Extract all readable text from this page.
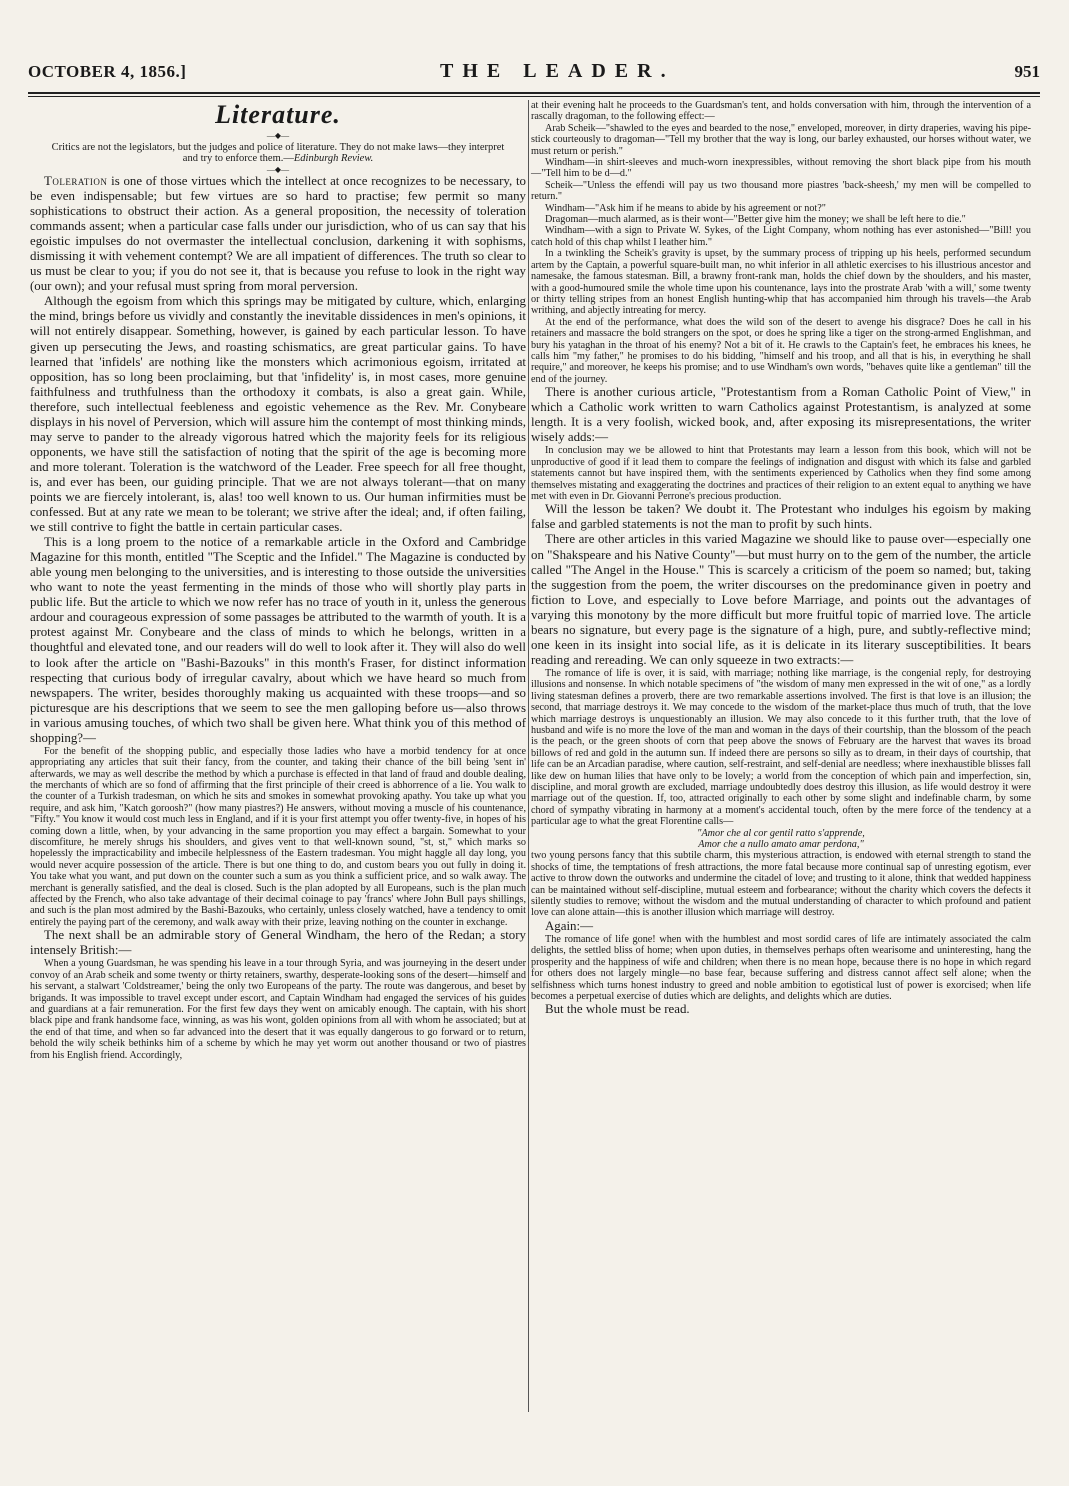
OCTOBER 4, 1856.]	THE LEADER.	951
Literature.
—◆—
Critics are not the legislators, but the judges and police of literature. They do not make laws—they interpret and try to enforce them.—Edinburgh Review.
—◆—

Toleration is one of those virtues which the intellect at once recognizes to be necessary, to be even indispensable; but few virtues are so hard to practise; few permit so many sophistications to obstruct their action. As a general proposition, the necessity of toleration commands assent; when a particular case falls under our jurisdiction, who of us can say that his egoistic impulses do not overmaster the intellectual conclusion, darkening it with sophisms, dismissing it with vehement contempt? We are all impatient of differences. The truth so clear to us must be clear to you; if you do not see it, that is because you refuse to look in the right way (our own); and your refusal must spring from moral perversion.

Although the egoism from which this springs may be mitigated by culture, which, enlarging the mind, brings before us vividly and constantly the inevitable dissidences in men's opinions, it will not entirely disappear. Something, however, is gained by each particular lesson. To have given up persecuting the Jews, and roasting schismatics, are great particular gains. To have learned that 'infidels' are nothing like the monsters which acrimonious egoism, irritated at opposition, has so long been proclaiming, but that 'infidelity' is, in most cases, more genuine faithfulness and truthfulness than the orthodoxy it combats, is also a great gain. While, therefore, such intellectual feebleness and egoistic vehemence as the Rev. Mr. Conybeare displays in his novel of Perversion, which will assure him the contempt of most thinking minds, may serve to pander to the already vigorous hatred which the majority feels for its religious opponents, we have still the satisfaction of noting that the spirit of the age is becoming more and more tolerant. Toleration is the watchword of the Leader. Free speech for all free thought, is, and ever has been, our guiding principle. That we are not always tolerant—that on many points we are fiercely intolerant, is, alas! too well known to us. Our human infirmities must be confessed. But at any rate we mean to be tolerant; we strive after the ideal; and, if often failing, we still contrive to fight the battle in certain particular cases.

This is a long proem to the notice of a remarkable article in the Oxford and Cambridge Magazine for this month, entitled "The Sceptic and the Infidel." The Magazine is conducted by able young men belonging to the universities, and is interesting to those outside the universities who want to note the yeast fermenting in the minds of those who will shortly play parts in public life. But the article to which we now refer has no trace of youth in it, unless the generous ardour and courageous expression of some passages be attributed to the warmth of youth. It is a protest against Mr. Conybeare and the class of minds to which he belongs, written in a thoughtful and elevated tone, and our readers will do well to look after it. They will also do well to look after the article on "Bashi-Bazouks" in this month's Fraser, for distinct information respecting that curious body of irregular cavalry, about which we have heard so much from newspapers. The writer, besides thoroughly making us acquainted with these troops—and so picturesque are his descriptions that we seem to see the men galloping before us—also throws in various amusing touches, of which two shall be given here. What think you of this method of shopping?—

For the benefit of the shopping public, and especially those ladies who have a morbid tendency for at once appropriating any articles that suit their fancy, from the counter, and taking their chance of the bill being 'sent in' afterwards, we may as well describe the method by which a purchase is effected in that land of fraud and double dealing, the merchants of which are so fond of affirming that the first principle of their creed is abhorrence of a lie. You walk to the counter of a Turkish tradesman, on which he sits and smokes in somewhat provoking apathy. You take up what you require, and ask him, "Katch goroosh?" (how many piastres?) He answers, without moving a muscle of his countenance, "Fifty." You know it would cost much less in England, and if it is your first attempt you offer twenty-five, in hopes of his coming down a little, when, by your advancing in the same proportion you may effect a bargain. Somewhat to your discomfiture, he merely shrugs his shoulders, and gives vent to that well-known sound, "st, st," which marks so hopelessly the impracticability and imbecile helplessness of the Eastern tradesman. You might haggle all day long, you would never acquire possession of the article. There is but one thing to do, and custom bears you out fully in doing it. You take what you want, and put down on the counter such a sum as you think a sufficient price, and so walk away. The merchant is generally satisfied, and the deal is closed. Such is the plan adopted by all Europeans, such is the plan much affected by the French, who also take advantage of their decimal coinage to pay 'francs' where John Bull pays shillings, and such is the plan most admired by the Bashi-Bazouks, who certainly, unless closely watched, have a tendency to omit entirely the paying part of the ceremony, and walk away with their prize, leaving nothing on the counter in exchange.

The next shall be an admirable story of General Windham, the hero of the Redan; a story intensely British:—

When a young Guardsman, he was spending his leave in a tour through Syria, and was journeying in the desert under convoy of an Arab scheik and some twenty or thirty retainers, swarthy, desperate-looking sons of the desert—himself and his servant, a stalwart 'Coldstreamer,' being the only two Europeans of the party. The route was dangerous, and beset by brigands. It was impossible to travel except under escort, and Captain Windham had engaged the services of his guides and guardians at a fair remuneration. For the first few days they went on amicably enough. The captain, with his short black pipe and frank handsome face, winning, as was his wont, golden opinions from all with whom he associated; but at the end of that time, and when so far advanced into the desert that it was equally dangerous to go forward or to return, behold the wily scheik bethinks him of a scheme by which he may yet worm out another thousand or two of piastres from his English friend. Accordingly,

at their evening halt he proceeds to the Guardsman's tent, and holds conversation with him, through the intervention of a rascally dragoman, to the following effect:—

Arab Scheik—"shawled to the eyes and bearded to the nose," enveloped, moreover, in dirty draperies, waving his pipe-stick courteously to dragoman—"Tell my brother that the way is long, our barley exhausted, our horses without water, we must return or perish."

Windham—in shirt-sleeves and much-worn inexpressibles, without removing the short black pipe from his mouth—"Tell him to be d—d."

Scheik—"Unless the effendi will pay us two thousand more piastres 'back-sheesh,' my men will be compelled to return."

Windham—"Ask him if he means to abide by his agreement or not?"

Dragoman—much alarmed, as is their wont—"Better give him the money; we shall be left here to die."

Windham—with a sign to Private W. Sykes, of the Light Company, whom nothing has ever astonished—"Bill! you catch hold of this chap whilst I leather him."

In a twinkling the Scheik's gravity is upset, by the summary process of tripping up his heels, performed secundum artem by the Captain, a powerful square-built man, no whit inferior in all athletic exercises to his illustrious ancestor and namesake, the famous statesman. Bill, a brawny front-rank man, holds the chief down by the shoulders, and his master, with a good-humoured smile the whole time upon his countenance, lays into the prostrate Arab 'with a will,' some twenty or thirty telling stripes from an honest English hunting-whip that has accompanied him through his travels—the Arab writhing, and abjectly intreating for mercy.

At the end of the performance, what does the wild son of the desert to avenge his disgrace? Does he call in his retainers and massacre the bold strangers on the spot, or does he spring like a tiger on the strong-armed Englishman, and bury his yataghan in the throat of his enemy? Not a bit of it. He crawls to the Captain's feet, he embraces his knees, he calls him "my father," he promises to do his bidding, "himself and his troop, and all that is his, in everything he shall require," and moreover, he keeps his promise; and to use Windham's own words, "behaves quite like a gentleman" till the end of the journey.

There is another curious article, "Protestantism from a Roman Catholic Point of View," in which a Catholic work written to warn Catholics against Protestantism, is analyzed at some length. It is a very foolish, wicked book, and, after exposing its misrepresentations, the writer wisely adds:—

In conclusion may we be allowed to hint that Protestants may learn a lesson from this book, which will not be unproductive of good if it lead them to compare the feelings of indignation and disgust with which its false and garbled statements cannot but have inspired them, with the sentiments experienced by Catholics when they find some among themselves mistating and exaggerating the doctrines and practices of their religion to an extent equal to anything we have met with even in Dr. Giovanni Perrone's precious production.

Will the lesson be taken? We doubt it. The Protestant who indulges his egoism by making false and garbled statements is not the man to profit by such hints.

There are other articles in this varied Magazine we should like to pause over—especially one on "Shakspeare and his Native County"—but must hurry on to the gem of the number, the article called "The Angel in the House." This is scarcely a criticism of the poem so named; but, taking the suggestion from the poem, the writer discourses on the predominance given in poetry and fiction to Love, and especially to Love before Marriage, and points out the advantages of varying this monotony by the more difficult but more fruitful topic of married love. The article bears no signature, but every page is the signature of a high, pure, and subtly-reflective mind; one keen in its insight into social life, as it is delicate in its literary susceptibilities. It bears reading and rereading. We can only squeeze in two extracts:—

The romance of life is over, it is said, with marriage; nothing like marriage, is the congenial reply, for destroying illusions and nonsense. In which notable specimens of "the wisdom of many men expressed in the wit of one," as a lordly living statesman defines a proverb, there are two remarkable assertions involved. The first is that love is an illusion; the second, that marriage destroys it. We may concede to the wisdom of the market-place thus much of truth, that the love which marriage destroys is unquestionably an illusion. We may also concede to it this further truth, that the love of husband and wife is no more the love of the man and woman in the days of their courtship, than the blossom of the peach is the peach, or the green shoots of corn that peep above the snows of February are the harvest that waves its broad billows of red and gold in the autumn sun. If indeed there are persons so silly as to dream, in their days of courtship, that life can be an Arcadian paradise, where caution, self-restraint, and self-denial are needless; where inexhaustible blisses fall like dew on human lilies that have only to be lovely; a world from the conception of which pain and imperfection, sin, discipline, and moral growth are excluded, marriage undoubtedly does destroy this illusion, as life would destroy it were marriage out of the question. If, too, attracted originally to each other by some slight and indefinable charm, by some chord of sympathy vibrating in harmony at a moment's accidental touch, often by the mere force of the tendency at a particular age to what the great Florentine calls—

"Amor che al cor gentil ratto s'apprende,
Amor che a nullo amato amar perdona,"

two young persons fancy that this subtile charm, this mysterious attraction, is endowed with eternal strength to stand the shocks of time, the temptations of fresh attractions, the more fatal because more continual sap of unresting egotism, ever active to throw down the outworks and undermine the citadel of love; and trusting to it alone, think that wedded happiness can be maintained without self-discipline, mutual esteem and forbearance; without the charity which covers the defects it silently studies to remove; without the wisdom and the mutual understanding of character to which profound and patient love can alone attain—this is another illusion which marriage will destroy.

Again:—

The romance of life gone! when with the humblest and most sordid cares of life are intimately associated the calm delights, the settled bliss of home; when upon duties, in themselves perhaps often wearisome and uninteresting, hang the prosperity and the happiness of wife and children; when there is no mean hope, because there is no hope in which regard for others does not largely mingle—no base fear, because suffering and distress cannot affect self alone; when the selfishness which turns honest industry to greed and noble ambition to egotistical lust of power is exorcised; when life becomes a perpetual exercise of duties which are delights, and delights which are duties.

But the whole must be read.
